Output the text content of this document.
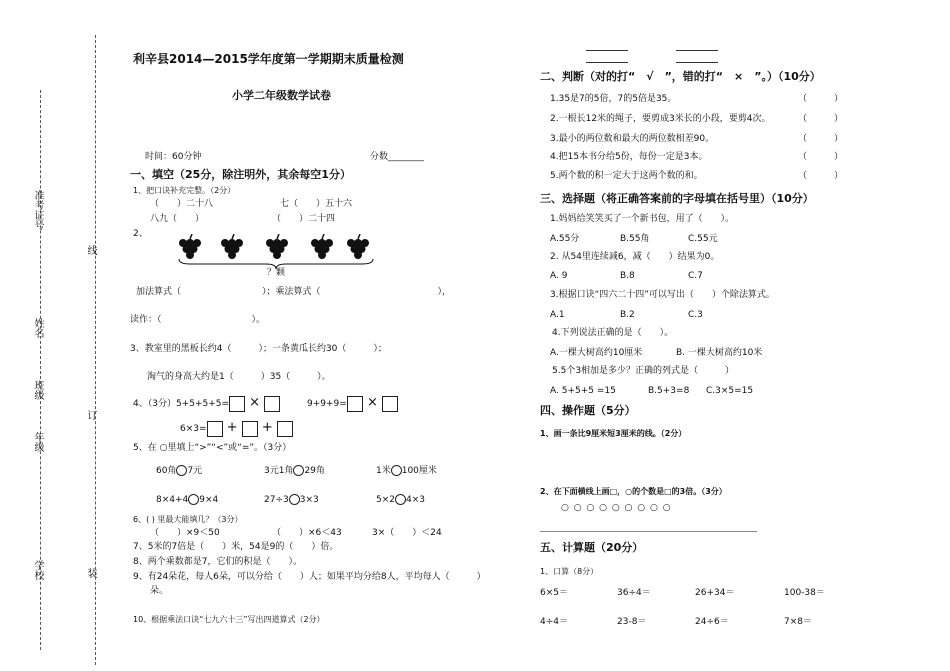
准考证号
姓名
班级
年级
学校
线
订
装
利辛县2014—2015学年度第一学期期末质量检测
小学二年级数学试卷
时间：60分钟	分数________
一、填空（25分，除注明外，其余每空1分）
1、把口诀补充完整。（2分）
（　　）二十八	七（　　）五十六
八九（　　）	（　　）二十四
2、
？颗
加法算式（　　　　　　　　　）；乘法算式（　　　　　　　　　　　　　），
读作：（　　　　　　　　　　）。
3、教室里的黑板长约4（　　　）；一条黄瓜长约30（　　　）；
淘气的身高大约是1（　　　）35（　　　）。
4、（3分）5+5+5+5= ×	9+9+9= ×
6×3= +  +
5、在 ○里填上“>”“<”或“=”。（3分）
60角 7元	3元1角 29角	1米 100厘米
8×4+4 9×4	27÷3 3×3	5×2 4×3
6、( ) 里最大能填几？（3分）
（　　）×9＜50	（　　）×6＜43	3×（　　）＜24
7、5米的7倍是（　　）米，54是9的（　　）倍。
8、两个乘数都是7，它们的积是（　　）。
9、有24朵花，每人6朵，可以分给（　　）人；如果平均分给8人，平均每人（　　　）
朵。
10、根据乘法口诀“七九六十三”写出四道算式（2分）
二、判断（对的打“　√　”，错的打“　×　”。）（10分）
1.35是7的5倍，7的5倍是35。	（　　　）
2.一根长12米的绳子，要剪成3米长的小段，要剪4次。	（　　　）
3.最小的两位数和最大的两位数相差90。	（　　　）
4.把15本书分给5份，每份一定是3本。	（　　　）
5.两个数的积一定大于这两个数的和。	（　　　）
三、选择题（将正确答案前的字母填在括号里）（10分）
1.妈妈给笑笑买了一个新书包，用了（　　）。
A.55分	B.55角	C.55元
2. 从54里连续减6，减（　　）结果为0。
A. 9	B.8	C.7
3.根据口诀“四六二十四”可以写出（　　）个除法算式。
A.1	B.2	C.3
4.下列说法正确的是（　　）。
A.一棵大树高约10厘米	B. 一棵大树高约10米
5.5个3相加是多少？正确的列式是（　　　）
A. 5+5+5 =15	B.5+3=8 C.3×5=15
四、操作题（5分）
1、画一条比9厘米短3厘米的线。（2分）
2、在下面横线上画□，○的个数是□的3倍。（3分）
○ ○ ○ ○ ○ ○ ○ ○ ○
五、计算题（20分）
1、口算（8分）
6×5＝	36÷4＝	26+34＝	100-38＝
4÷4＝	23-8＝	24÷6＝	7×8＝
